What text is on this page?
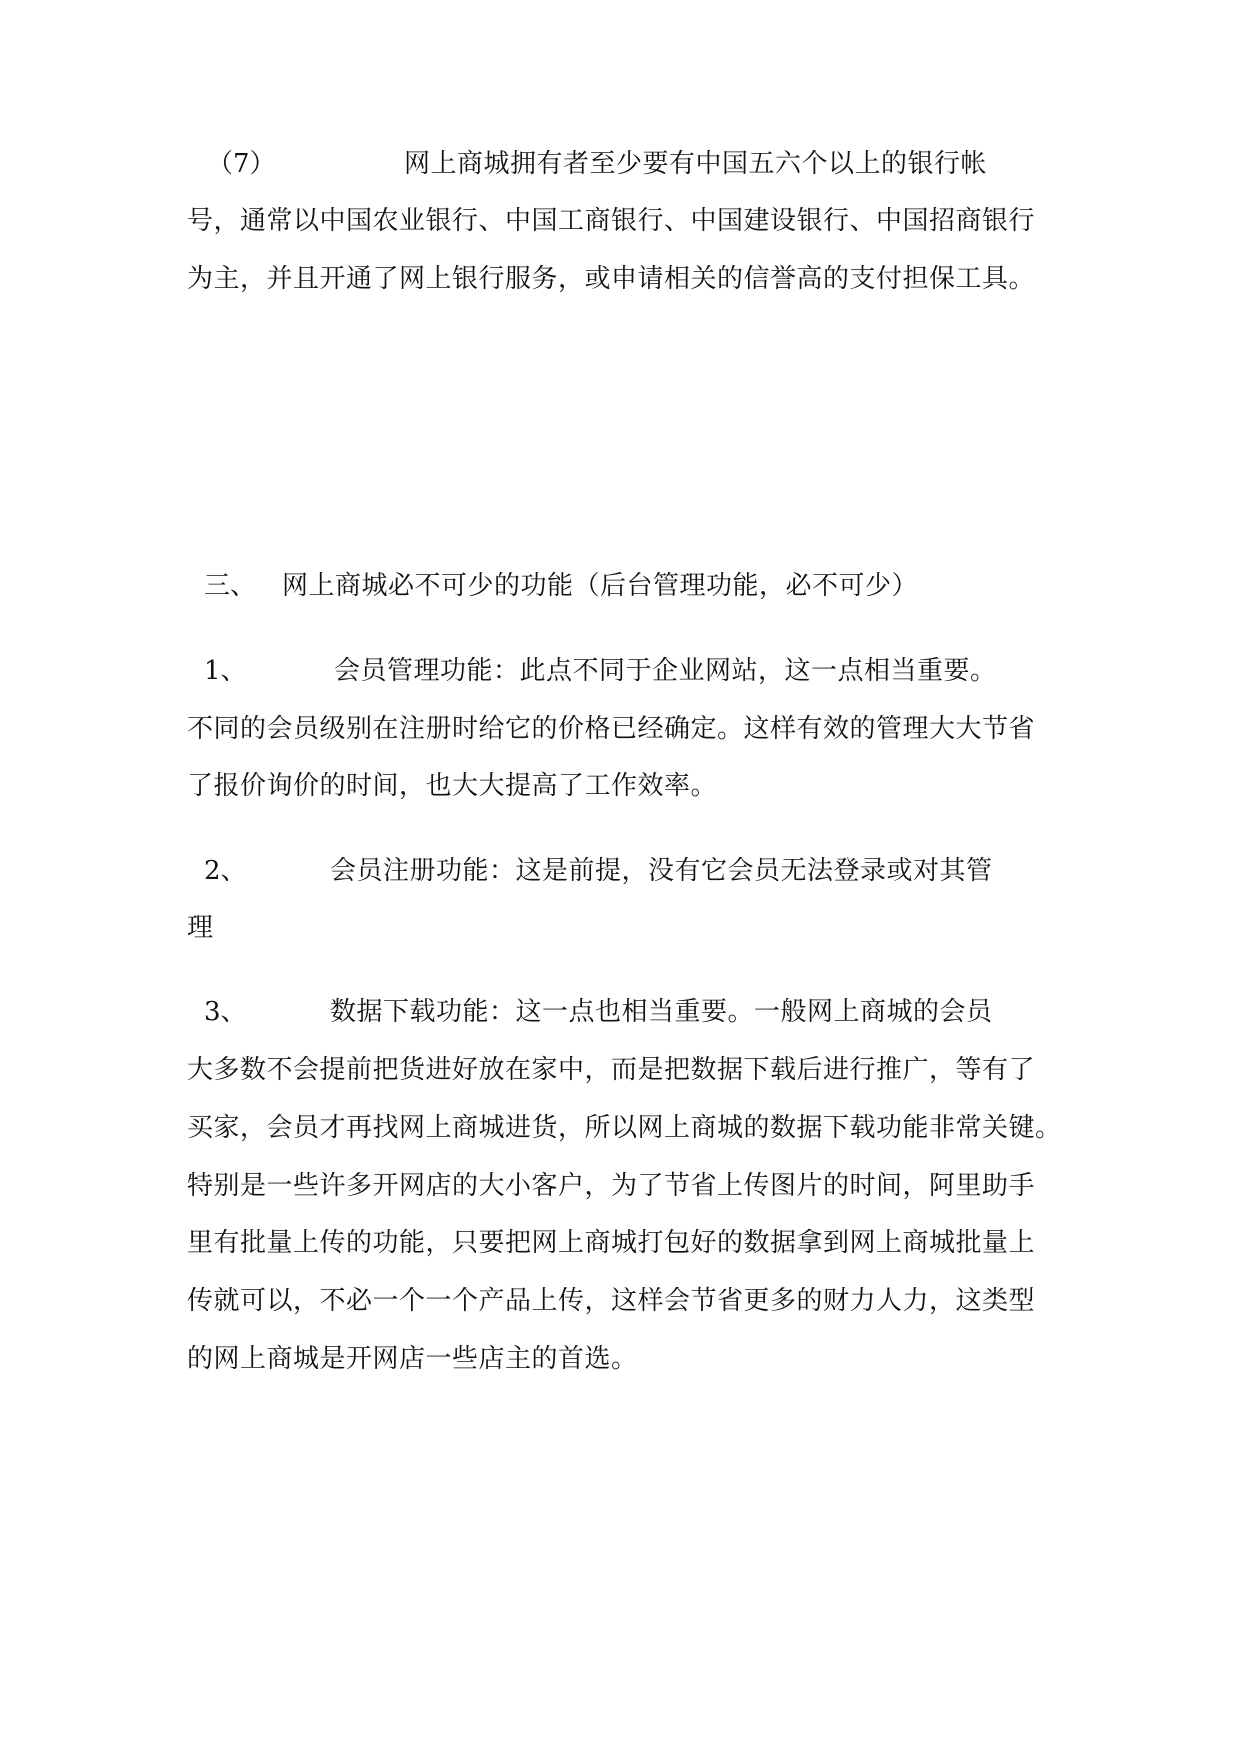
（7）	网上商城拥有者至少要有中国五六个以上的银行帐
号，通常以中国农业银行、中国工商银行、中国建设银行、中国招商银行
为主，并且开通了网上银行服务，或申请相关的信誉高的支付担保工具。
三、 网上商城必不可少的功能（后台管理功能，必不可少）
1、	会员管理功能：此点不同于企业网站，这一点相当重要。
不同的会员级别在注册时给它的价格已经确定。这样有效的管理大大节省
了报价询价的时间，也大大提高了工作效率。
2、	会员注册功能：这是前提，没有它会员无法登录或对其管
理
3、	数据下载功能：这一点也相当重要。一般网上商城的会员
大多数不会提前把货进好放在家中，而是把数据下载后进行推广，等有了
买家，会员才再找网上商城进货，所以网上商城的数据下载功能非常关键。
特别是一些许多开网店的大小客户，为了节省上传图片的时间，阿里助手
里有批量上传的功能，只要把网上商城打包好的数据拿到网上商城批量上
传就可以，不必一个一个产品上传，这样会节省更多的财力人力，这类型
的网上商城是开网店一些店主的首选。
